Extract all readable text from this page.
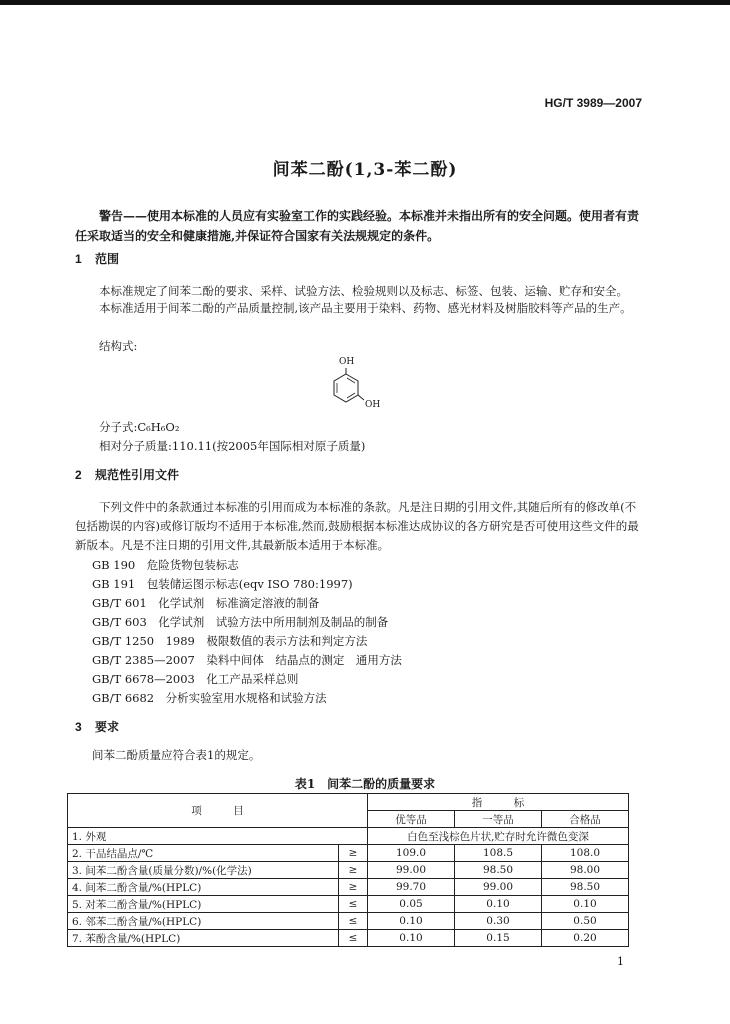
HG/T 3989—2007
间苯二酚(1,3-苯二酚)
警告——使用本标准的人员应有实验室工作的实践经验。本标准并未指出所有的安全问题。使用者有责任采取适当的安全和健康措施,并保证符合国家有关法规规定的条件。
1 范围
本标准规定了间苯二酚的要求、采样、试验方法、检验规则以及标志、标签、包装、运输、贮存和安全。
本标准适用于间苯二酚的产品质量控制,该产品主要用于染料、药物、感光材料及树脂胶料等产品的生产。
结构式:
OH
OH
分子式:C₆H₆O₂
相对分子质量:110.11(按2005年国际相对原子质量)
2 规范性引用文件
下列文件中的条款通过本标准的引用而成为本标准的条款。凡是注日期的引用文件,其随后所有的修改单(不包括勘误的内容)或修订版均不适用于本标准,然而,鼓励根据本标准达成协议的各方研究是否可使用这些文件的最新版本。凡是不注日期的引用文件,其最新版本适用于本标准。
GB 190　危险货物包装标志
GB 191　包装储运图示标志(eqv ISO 780:1997)
GB/T 601　化学试剂　标准滴定溶液的制备
GB/T 603　化学试剂　试验方法中所用制剂及制品的制备
GB/T 1250　1989　极限数值的表示方法和判定方法
GB/T 2385—2007　染料中间体　结晶点的测定　通用方法
GB/T 6678—2003　化工产品采样总则
GB/T 6682　分析实验室用水规格和试验方法
3 要求
间苯二酚质量应符合表1的规定。
表1　间苯二酚的质量要求
项　　　目		指　　　标		
		优等品	一等品	合格品
1. 外观		白色至浅棕色片状,贮存时允许微色变深		
2. 干品结晶点/℃	≥	109.0	108.5	108.0
3. 间苯二酚含量(质量分数)/%(化学法)	≥	99.00	98.50	98.00
4. 间苯二酚含量/%(HPLC)	≥	99.70	99.00	98.50
5. 对苯二酚含量/%(HPLC)	≤	0.05	0.10	0.10
6. 邻苯二酚含量/%(HPLC)	≤	0.10	0.30	0.50
7. 苯酚含量/%(HPLC)	≤	0.10	0.15	0.20
1
